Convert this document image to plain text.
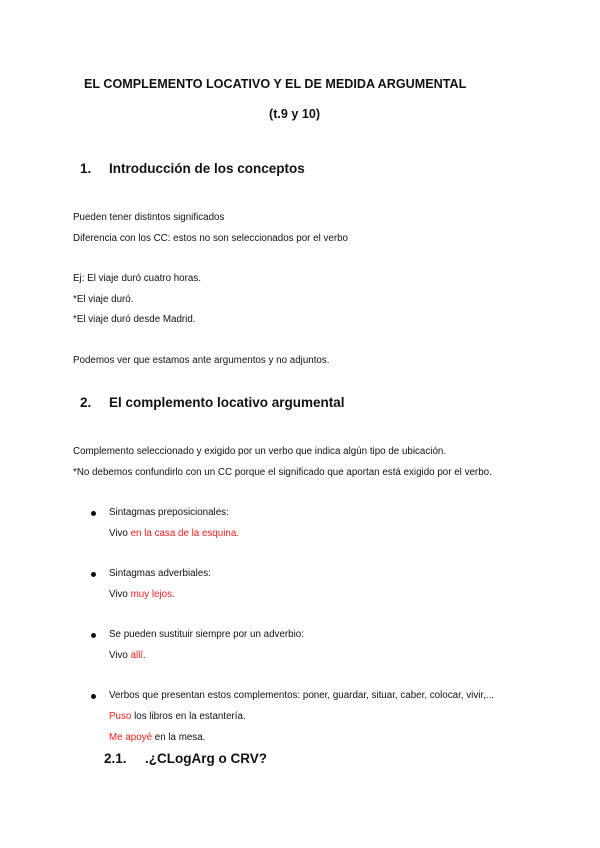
EL COMPLEMENTO LOCATIVO Y EL DE MEDIDA ARGUMENTAL
(t.9 y 10)
1. Introducción de los conceptos
Pueden tener distintos significados
Diferencia con los CC: estos no son seleccionados por el verbo
Ej: El viaje duró cuatro horas.
*El viaje duró.
*El viaje duró desde Madrid.
Podemos ver que estamos ante argumentos y no adjuntos.
2. El complemento locativo argumental
Complemento seleccionado y exigido por un verbo que indica algún tipo de ubicación.
*No debemos confundirlo con un CC porque el significado que aportan está exigido por el verbo.
Sintagmas preposicionales:
Vivo en la casa de la esquina.
Sintagmas adverbiales:
Vivo muy lejos.
Se pueden sustituir siempre por un adverbio:
Vivo allí.
Verbos que presentan estos complementos: poner, guardar, situar, caber, colocar, vivir,...
Puso los libros en la estantería.
Me apoyé en la mesa.
2.1. .¿CLogArg o CRV?
